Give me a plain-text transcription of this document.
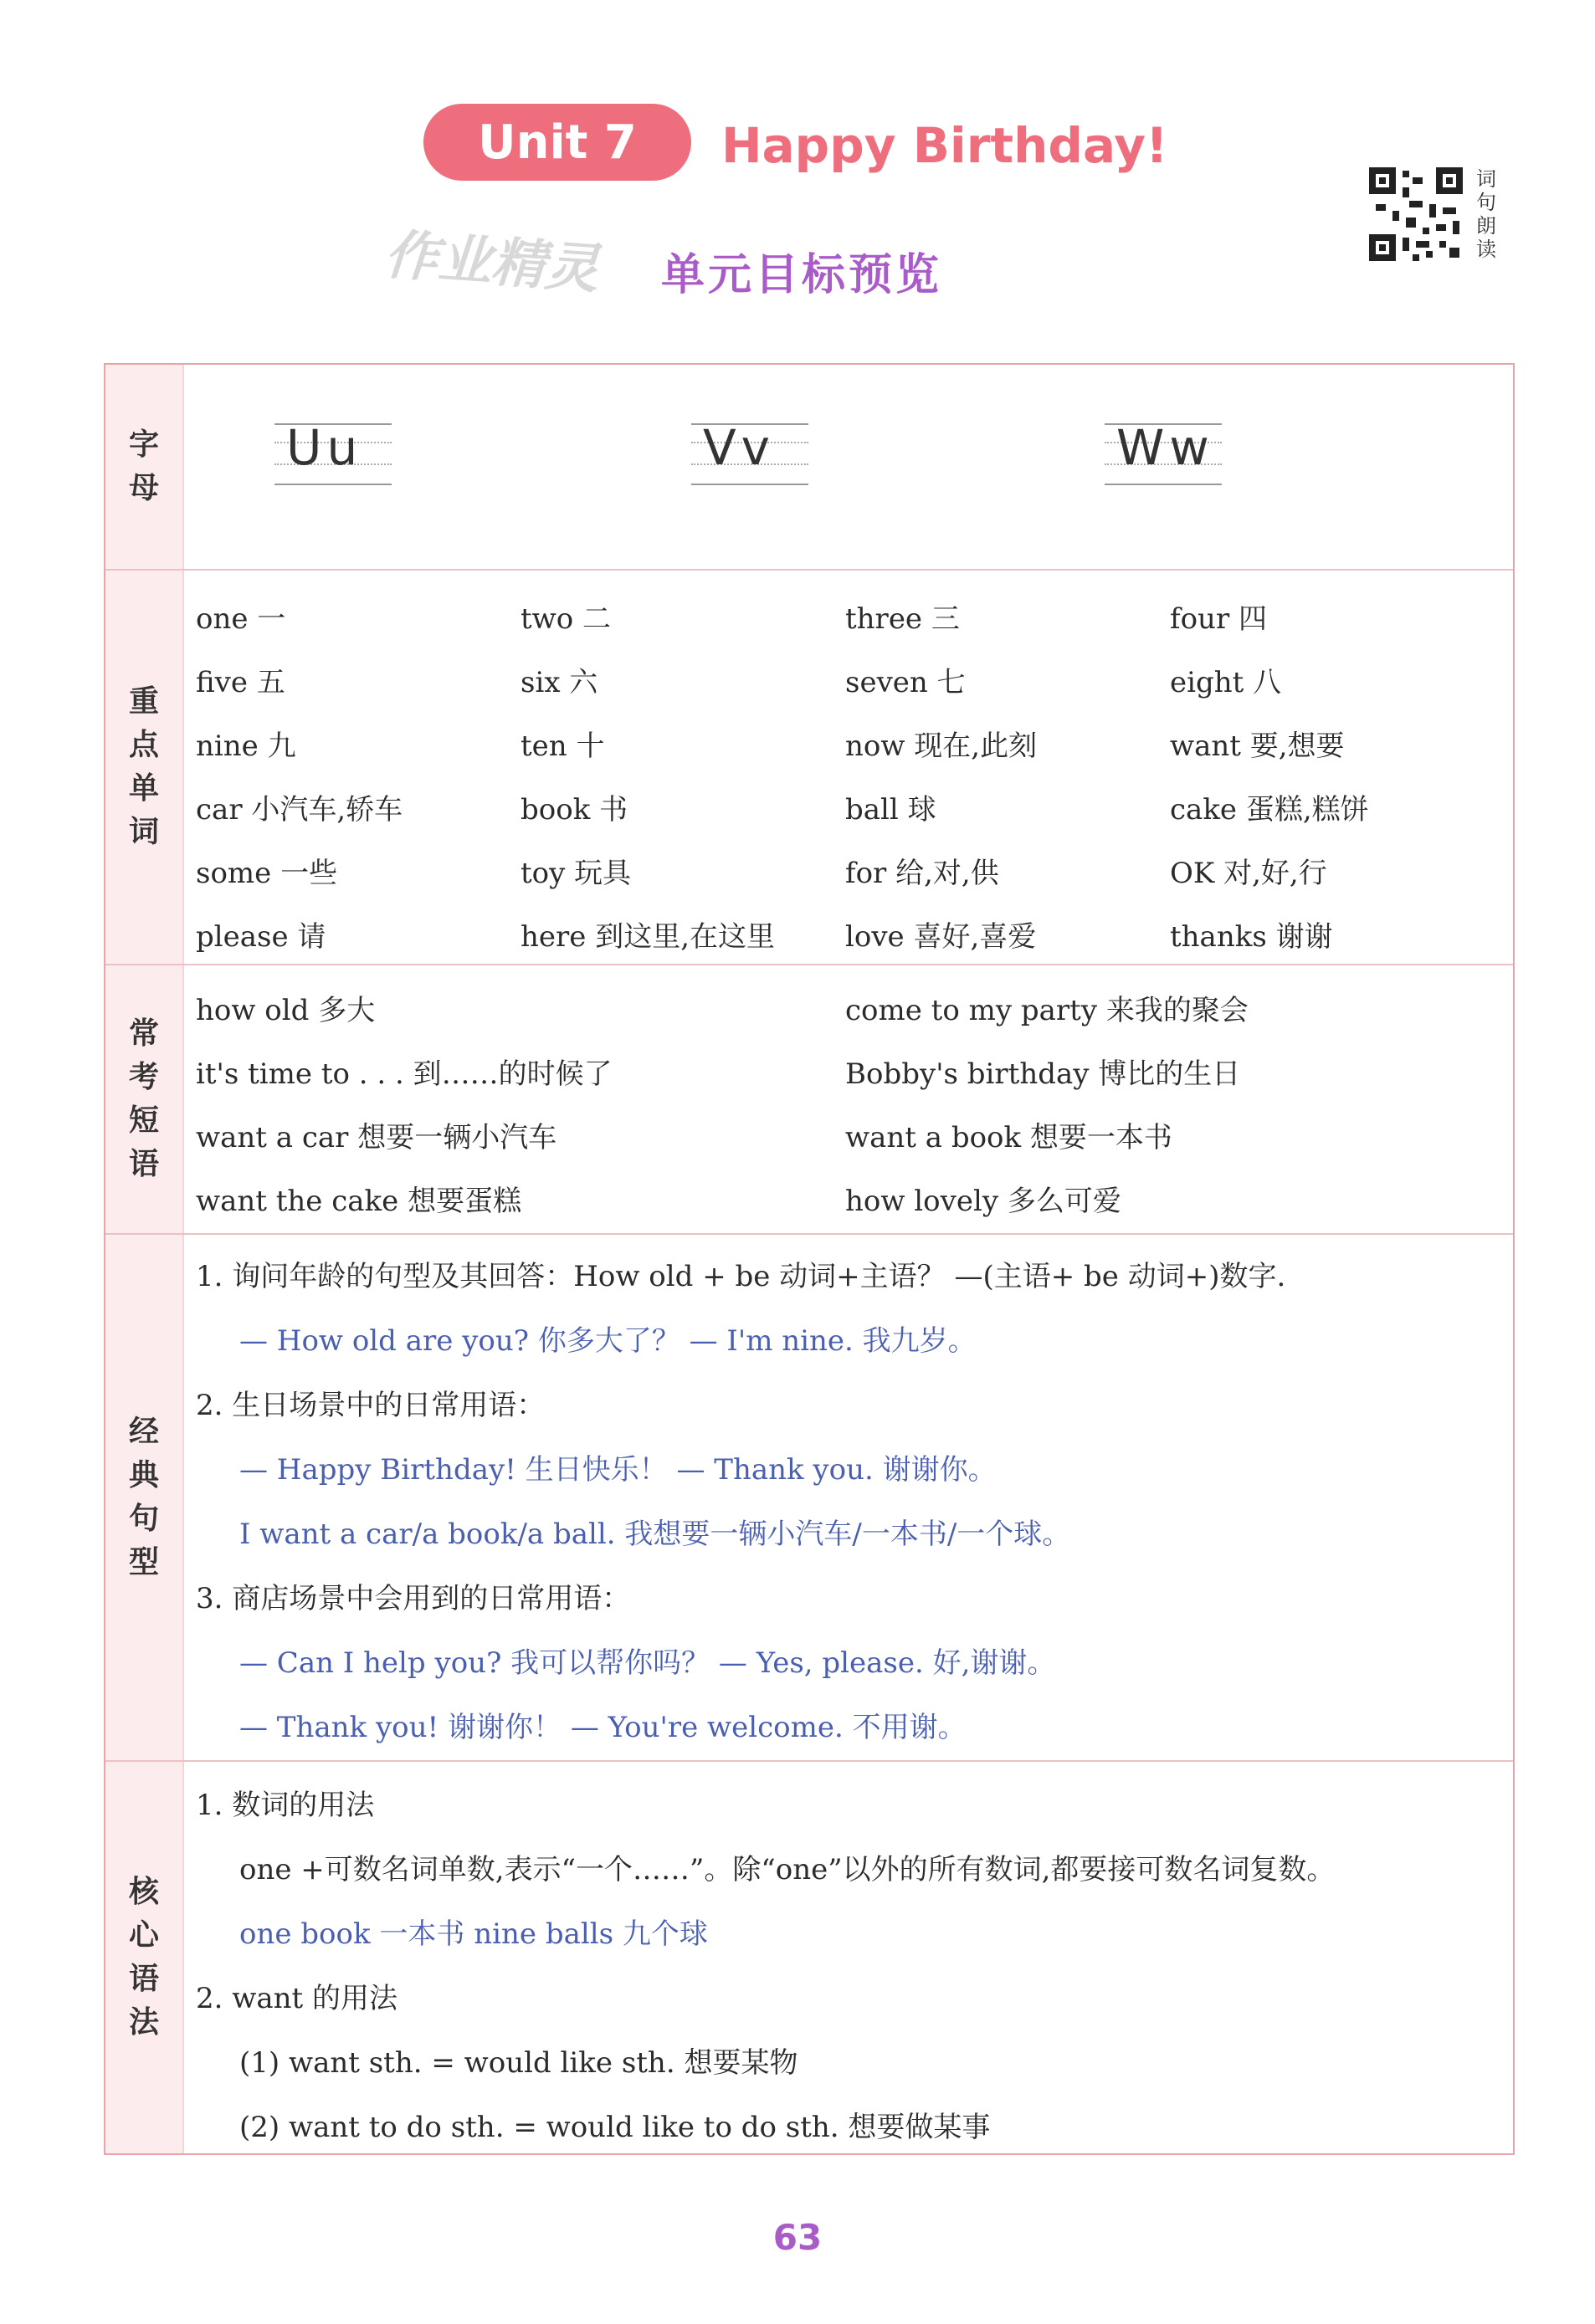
Unit 7	Happy Birthday!
作业精灵 单元目标预览
词
句
朗
读
字
母
Uu	Vv	Ww
重
点
单
词
one 一	two 二	three 三	four 四
five 五	six 六	seven 七	eight 八
nine 九	ten 十	now 现在,此刻	want 要,想要
car 小汽车,轿车	book 书	ball 球	cake 蛋糕,糕饼
some 一些	toy 玩具	for 给,对,供	OK 对,好,行
please 请	here 到这里,在这里 love 喜好,喜爱	thanks 谢谢
常
考
短
语
how old 多大	come to my party 来我的聚会
it's time to . . . 到……的时候了	Bobby's birthday 博比的生日
want a car 想要一辆小汽车	want a book 想要一本书
want the cake 想要蛋糕	how lovely 多么可爱
经
典
句
型
1. 询问年龄的句型及其回答：How old + be 动词+主语？ —(主语+ be 动词+)数字.
— How old are you? 你多大了？ — I'm nine. 我九岁。
2. 生日场景中的日常用语：
— Happy Birthday! 生日快乐！ — Thank you. 谢谢你。
I want a car/a book/a ball. 我想要一辆小汽车/一本书/一个球。
3. 商店场景中会用到的日常用语：
— Can I help you? 我可以帮你吗？ — Yes, please. 好,谢谢。
— Thank you! 谢谢你！ — You're welcome. 不用谢。
核
心
语
法
1. 数词的用法
one +可数名词单数,表示“一个……”。除“one”以外的所有数词,都要接可数名词复数。
one book 一本书 nine balls 九个球
2. want 的用法
(1) want sth. = would like sth. 想要某物
(2) want to do sth. = would like to do sth. 想要做某事
63
